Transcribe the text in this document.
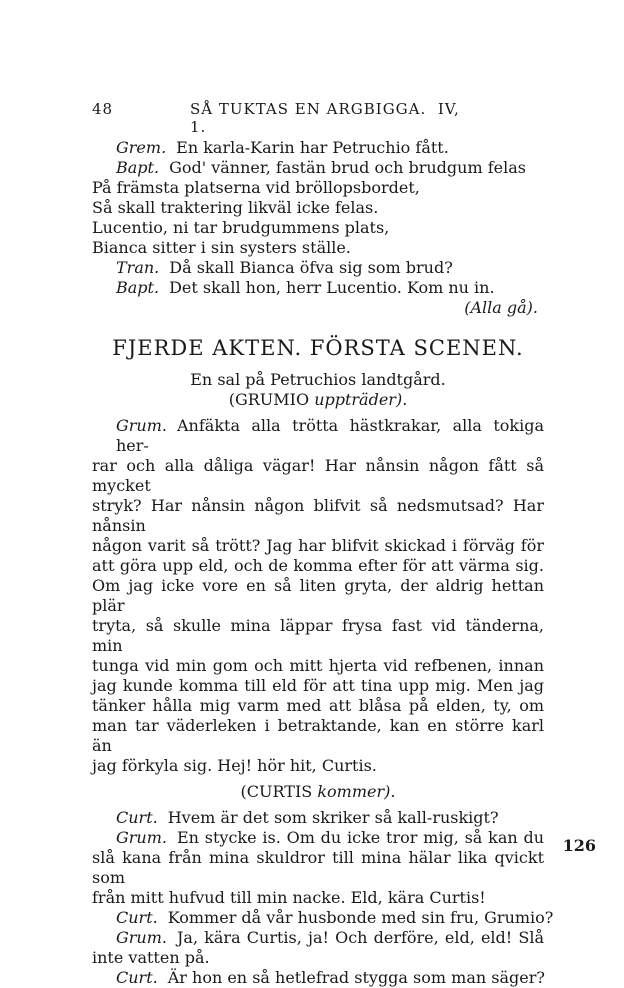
48	SÅ TUKTAS EN ARGBIGGA. IV, 1.
Grem. En karla-Karin har Petruchio fått.
Bapt. God' vänner, fastän brud och brudgum felas
På främsta platserna vid bröllopsbordet,
Så skall traktering likväl icke felas.
Lucentio, ni tar brudgummens plats,
Bianca sitter i sin systers ställe.
Tran. Då skall Bianca öfva sig som brud?
Bapt. Det skall hon, herr Lucentio. Kom nu in.
(Alla gå).
FJERDE AKTEN. FÖRSTA SCENEN.
En sal på Petruchios landtgård.
(GRUMIO uppträder).
Grum. Anfäkta alla trötta hästkrakar, alla tokiga her-
rar och alla dåliga vägar! Har nånsin någon fått så mycket
stryk? Har nånsin någon blifvit så nedsmutsad? Har nånsin
någon varit så trött? Jag har blifvit skickad i förväg för
att göra upp eld, och de komma efter för att värma sig.
Om jag icke vore en så liten gryta, der aldrig hettan plär
tryta, så skulle mina läppar frysa fast vid tänderna, min
tunga vid min gom och mitt hjerta vid refbenen, innan
jag kunde komma till eld för att tina upp mig. Men jag
tänker hålla mig varm med att blåsa på elden, ty, om
man tar väderleken i betraktande, kan en större karl än
jag förkyla sig. Hej! hör hit, Curtis.
(CURTIS kommer).
Curt. Hvem är det som skriker så kall-ruskigt?
Grum. En stycke is. Om du icke tror mig, så kan du
slå kana från mina skuldror till mina hälar lika qvickt som
från mitt hufvud till min nacke. Eld, kära Curtis!
Curt. Kommer då vår husbonde med sin fru, Grumio?
Grum. Ja, kära Curtis, ja! Och derföre, eld, eld! Slå
inte vatten på.
Curt. Är hon en så hetlefrad stygga som man säger?
126
